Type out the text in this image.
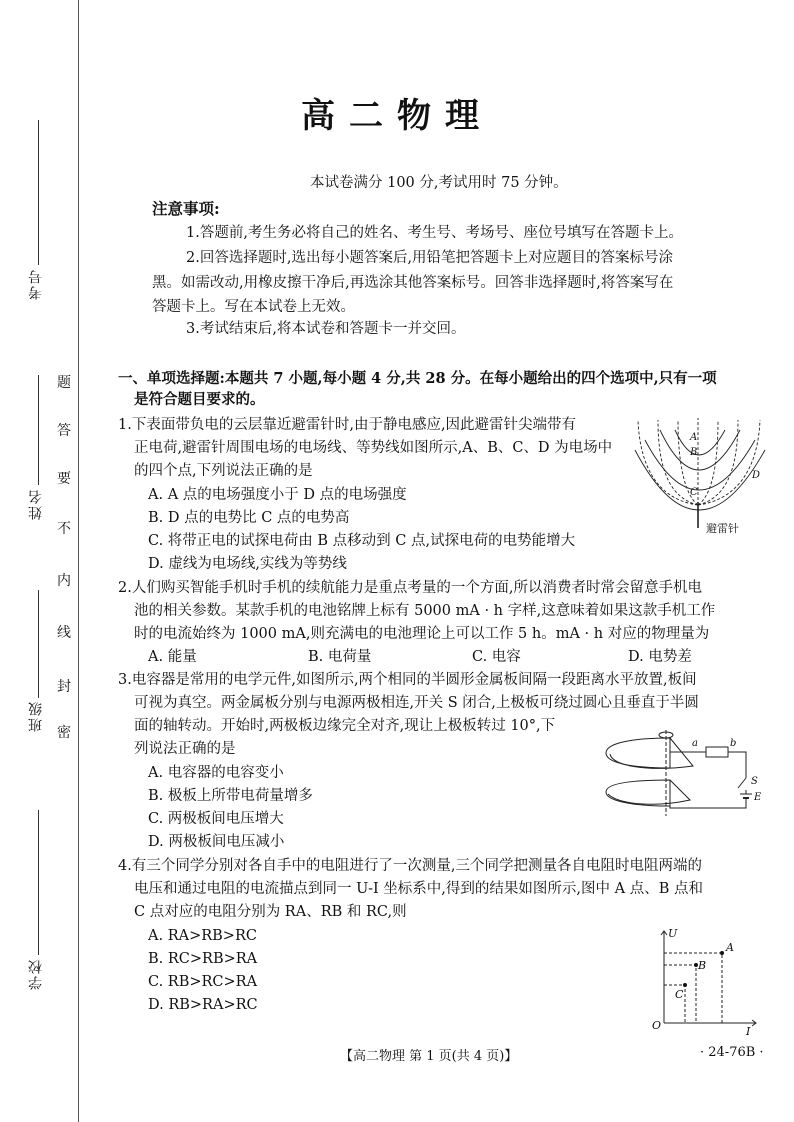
考号
姓名
班级
学校
题
答
要
不
内
线
封
密
高二物理
本试卷满分 100 分,考试用时 75 分钟。
注意事项:
1.答题前,考生务必将自己的姓名、考生号、考场号、座位号填写在答题卡上。
2.回答选择题时,选出每小题答案后,用铅笔把答题卡上对应题目的答案标号涂
黑。如需改动,用橡皮擦干净后,再选涂其他答案标号。回答非选择题时,将答案写在
答题卡上。写在本试卷上无效。
3.考试结束后,将本试卷和答题卡一并交回。
一、单项选择题:本题共 7 小题,每小题 4 分,共 28 分。在每小题给出的四个选项中,只有一项
是符合题目要求的。
1.下表面带负电的云层靠近避雷针时,由于静电感应,因此避雷针尖端带有
正电荷,避雷针周围电场的电场线、等势线如图所示,A、B、C、D 为电场中
的四个点,下列说法正确的是
A. A 点的电场强度小于 D 点的电场强度
B. D 点的电势比 C 点的电势高
C. 将带正电的试探电荷由 B 点移动到 C 点,试探电荷的电势能增大
D. 虚线为电场线,实线为等势线
A
B
C
D
避雷针
2.人们购买智能手机时手机的续航能力是重点考量的一个方面,所以消费者时常会留意手机电
池的相关参数。某款手机的电池铭牌上标有 5000 mA · h 字样,这意味着如果这款手机工作
时的电流始终为 1000 mA,则充满电的电池理论上可以工作 5 h。mA · h 对应的物理量为
A. 能量	B. 电荷量	C. 电容	D. 电势差
3.电容器是常用的电学元件,如图所示,两个相同的半圆形金属板间隔一段距离水平放置,板间
可视为真空。两金属板分别与电源两极相连,开关 S 闭合,上极板可绕过圆心且垂直于半圆
面的轴转动。开始时,两极板边缘完全对齐,现让上极板转过 10°,下
列说法正确的是
A. 电容器的电容变小
B. 极板上所带电荷量增多
C. 两极板间电压增大
D. 两极板间电压减小
a	b
S
E
4.有三个同学分别对各自手中的电阻进行了一次测量,三个同学把测量各自电阻时电阻两端的
电压和通过电阻的电流描点到同一 U-I 坐标系中,得到的结果如图所示,图中 A 点、B 点和
C 点对应的电阻分别为 RA、RB 和 RC,则
A. RA>RB>RC
B. RC>RB>RA
C. RB>RC>RA
D. RB>RA>RC
U
I
O
A
B
C
【高二物理 第 1 页(共 4 页)】	· 24-76B ·
